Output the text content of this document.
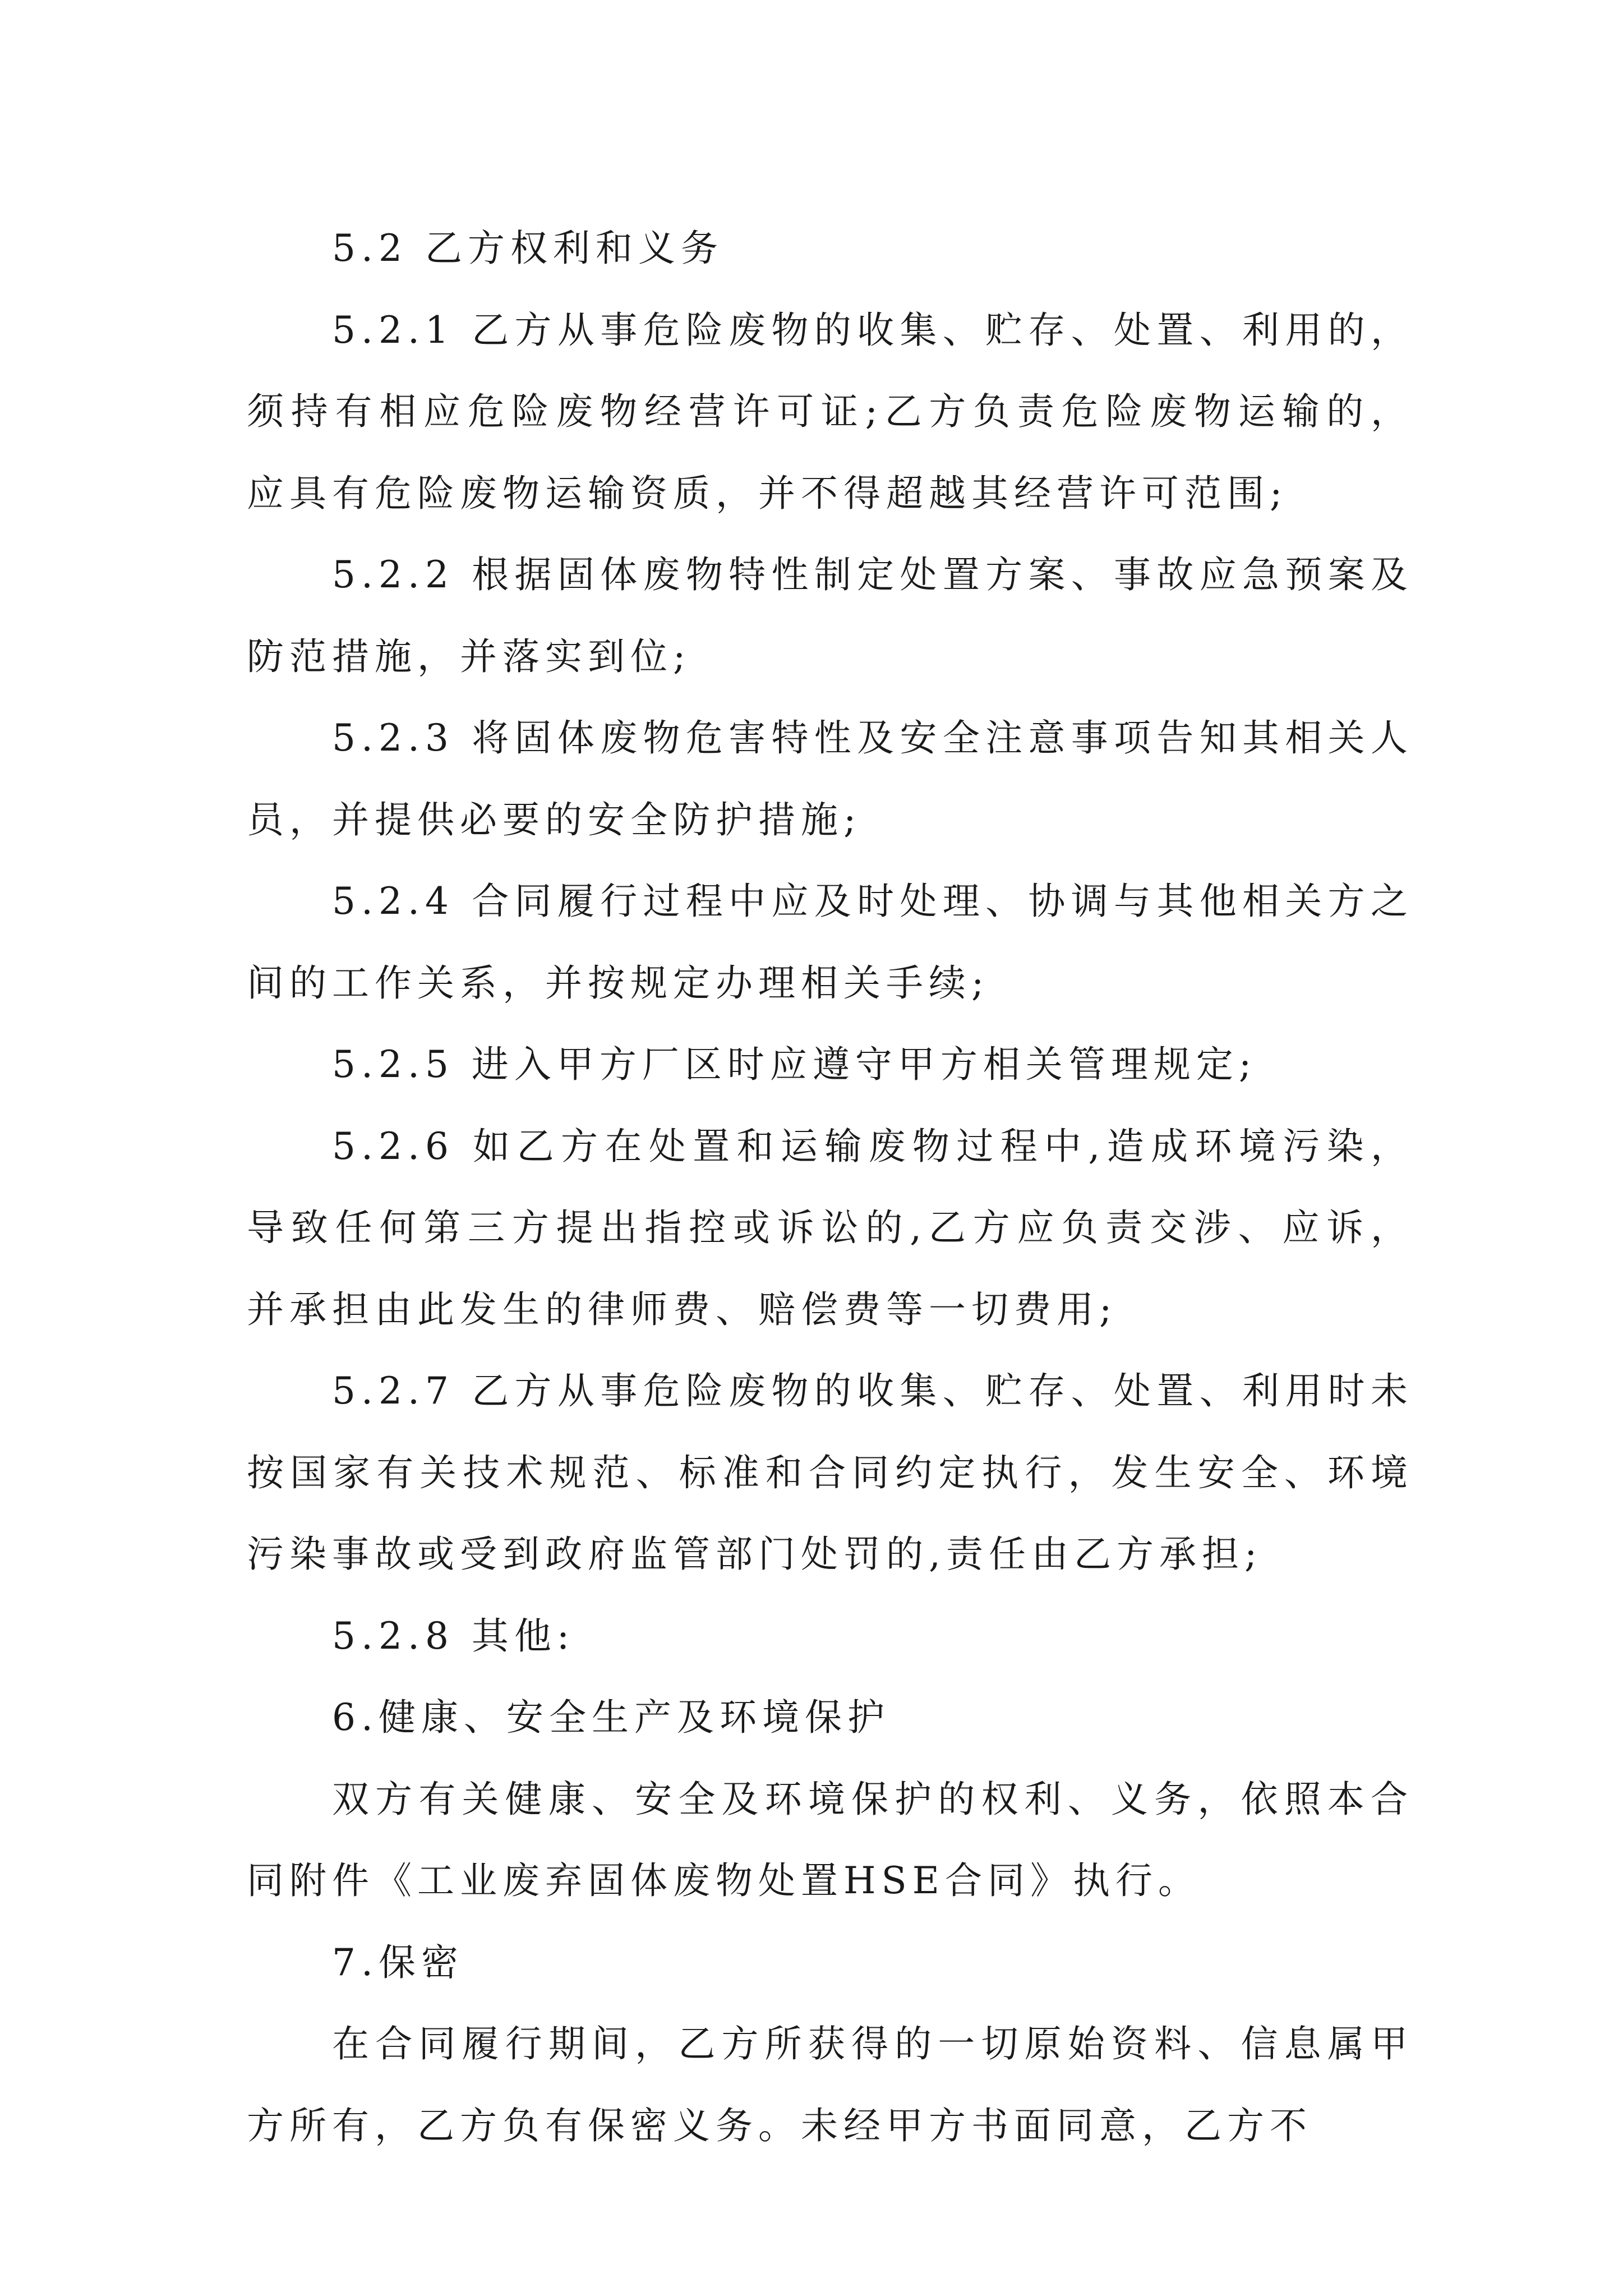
5.2 乙方权利和义务

5.2.1 乙方从事危险废物的收集、贮存、处置、利用的，须持有相应危险废物经营许可证;乙方负责危险废物运输的，应具有危险废物运输资质，并不得超越其经营许可范围;

5.2.2 根据固体废物特性制定处置方案、事故应急预案及防范措施，并落实到位;

5.2.3 将固体废物危害特性及安全注意事项告知其相关人员，并提供必要的安全防护措施;

5.2.4 合同履行过程中应及时处理、协调与其他相关方之间的工作关系，并按规定办理相关手续;

5.2.5 进入甲方厂区时应遵守甲方相关管理规定;

5.2.6 如乙方在处置和运输废物过程中,造成环境污染，导致任何第三方提出指控或诉讼的,乙方应负责交涉、应诉，并承担由此发生的律师费、赔偿费等一切费用;

5.2.7 乙方从事危险废物的收集、贮存、处置、利用时未按国家有关技术规范、标准和合同约定执行，发生安全、环境污染事故或受到政府监管部门处罚的,责任由乙方承担;

5.2.8 其他:

6.健康、安全生产及环境保护

双方有关健康、安全及环境保护的权利、义务，依照本合同附件《工业废弃固体废物处置HSE合同》执行。

7.保密

在合同履行期间，乙方所获得的一切原始资料、信息属甲方所有，乙方负有保密义务。未经甲方书面同意，乙方不
